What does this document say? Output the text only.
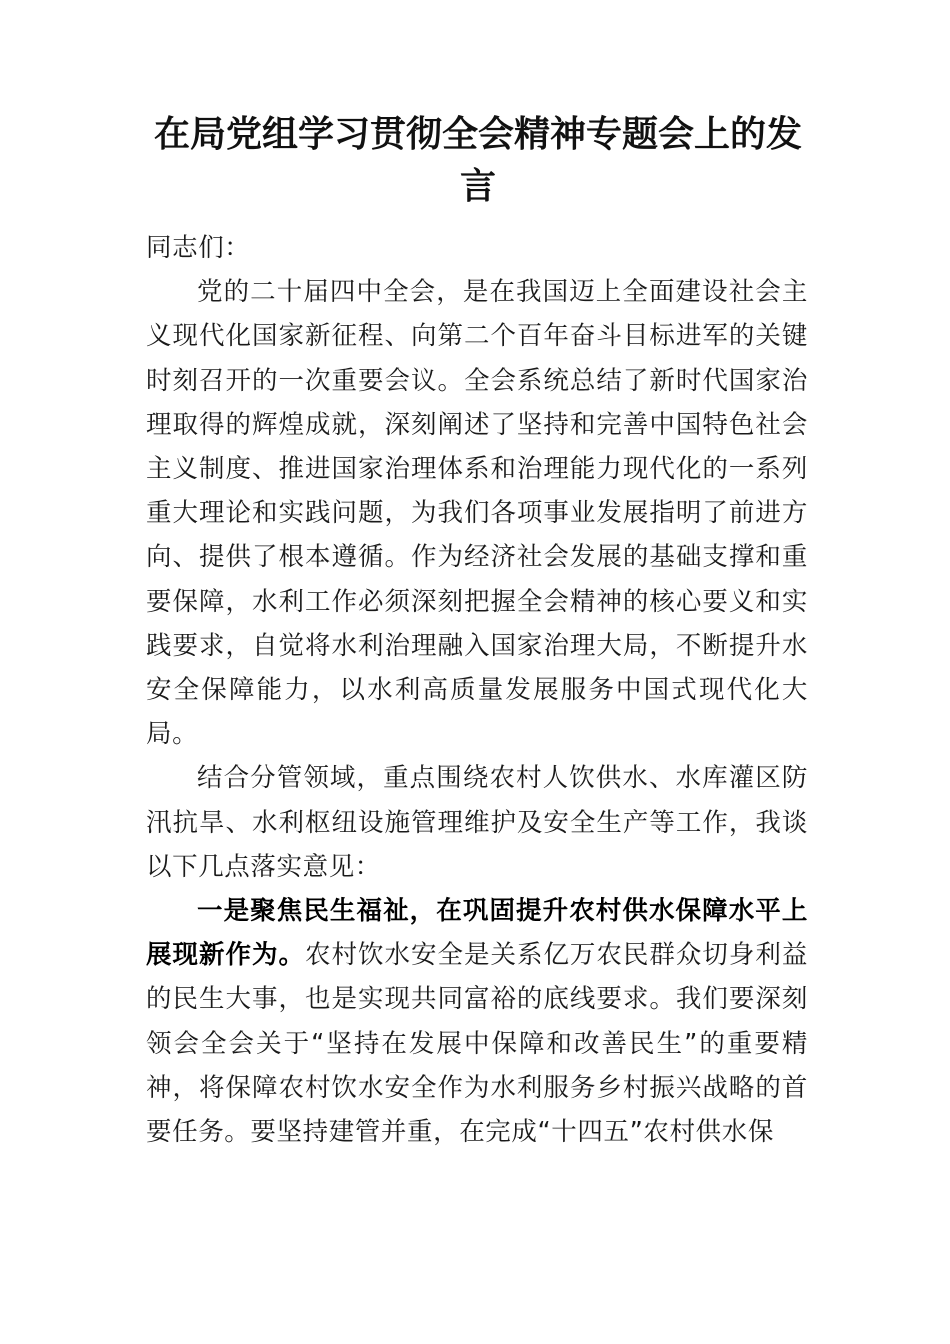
在局党组学习贯彻全会精神专题会上的发言

同志们：

党的二十届四中全会，是在我国迈上全面建设社会主义现代化国家新征程、向第二个百年奋斗目标进军的关键时刻召开的一次重要会议。全会系统总结了新时代国家治理取得的辉煌成就，深刻阐述了坚持和完善中国特色社会主义制度、推进国家治理体系和治理能力现代化的一系列重大理论和实践问题，为我们各项事业发展指明了前进方向、提供了根本遵循。作为经济社会发展的基础支撑和重要保障，水利工作必须深刻把握全会精神的核心要义和实践要求，自觉将水利治理融入国家治理大局，不断提升水安全保障能力，以水利高质量发展服务中国式现代化大局。

结合分管领域，重点围绕农村人饮供水、水库灌区防汛抗旱、水利枢纽设施管理维护及安全生产等工作，我谈以下几点落实意见：

一是聚焦民生福祉，在巩固提升农村供水保障水平上展现新作为。农村饮水安全是关系亿万农民群众切身利益的民生大事，也是实现共同富裕的底线要求。我们要深刻领会全会关于“坚持在发展中保障和改善民生”的重要精神，将保障农村饮水安全作为水利服务乡村振兴战略的首要任务。要坚持建管并重，在完成“十四五”农村供水保
